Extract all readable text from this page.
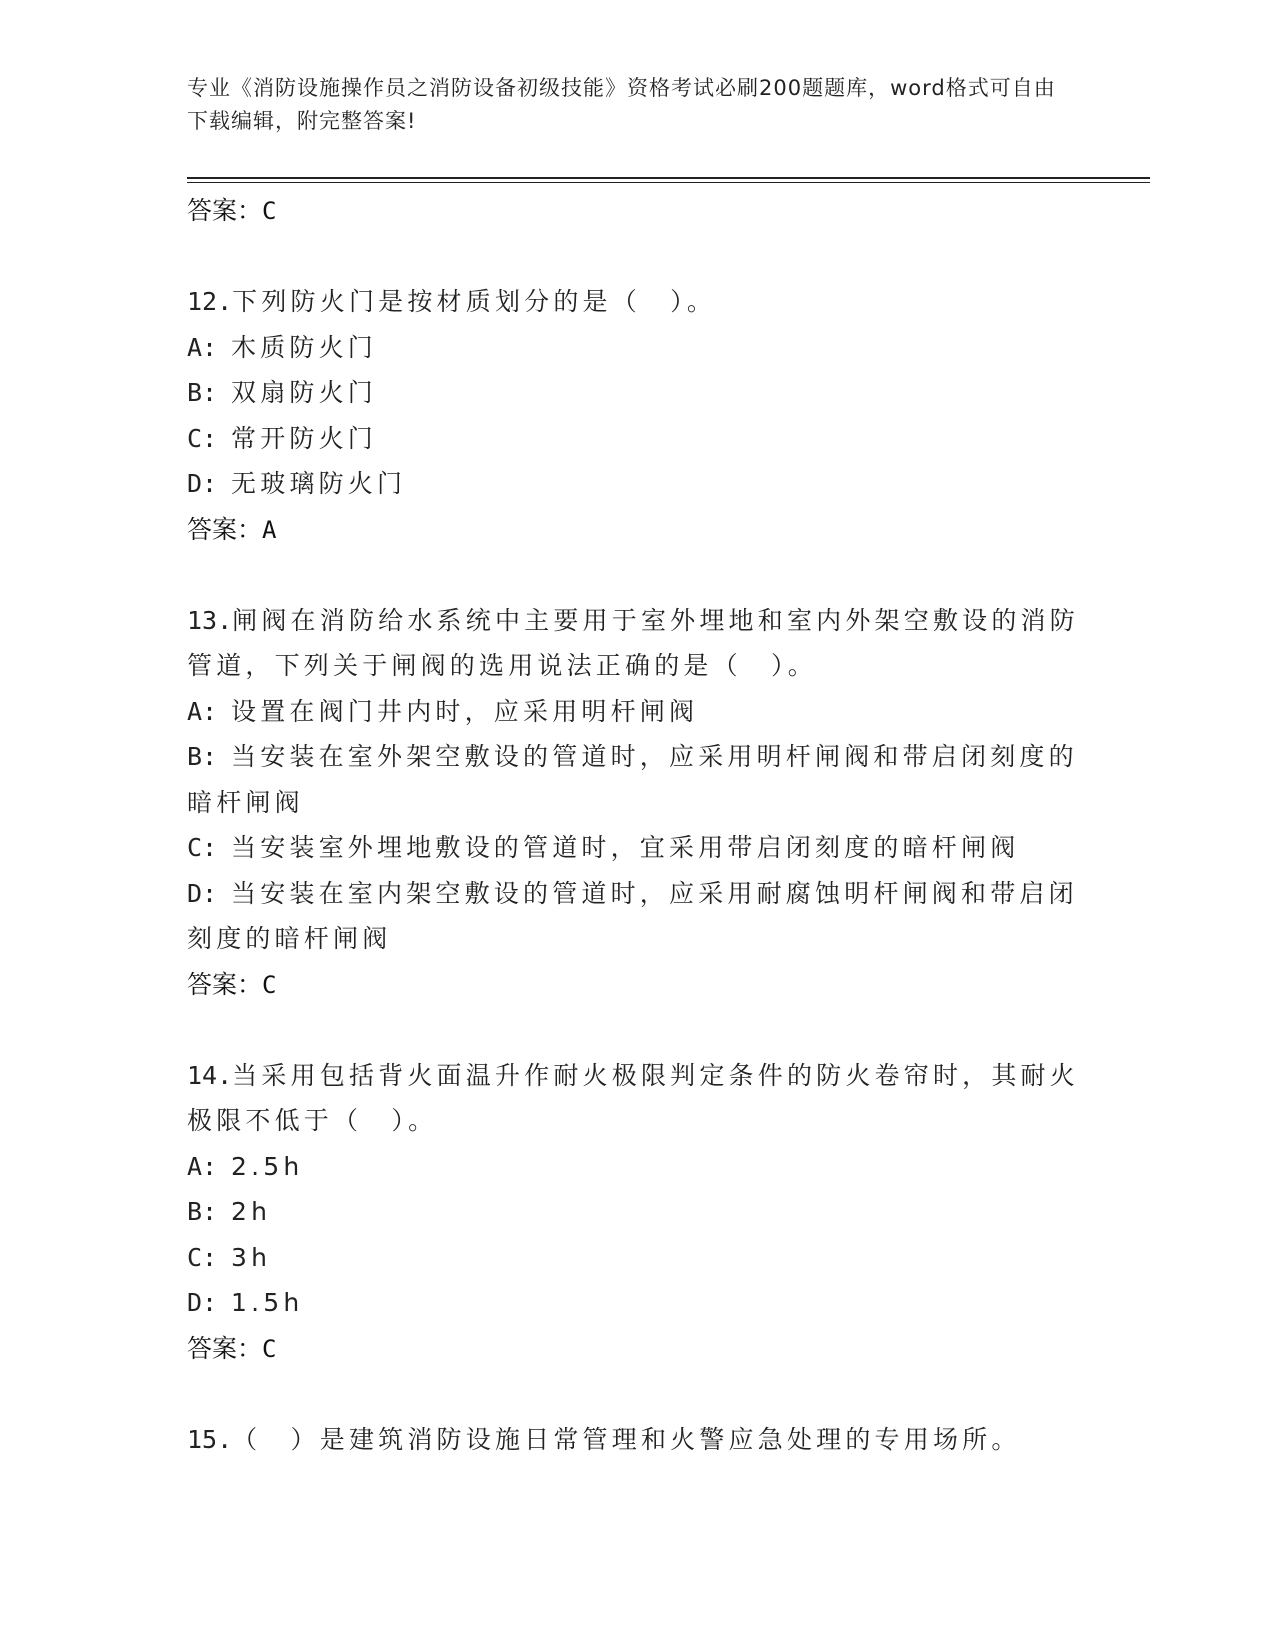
专业《消防设施操作员之消防设备初级技能》资格考试必刷200题题库，word格式可自由下载编辑，附完整答案!
答案：C
12.下列防火门是按材质划分的是（　）。
A: 木质防火门
B: 双扇防火门
C: 常开防火门
D: 无玻璃防火门
答案：A
13.闸阀在消防给水系统中主要用于室外埋地和室内外架空敷设的消防管道，下列关于闸阀的选用说法正确的是（　）。
A: 设置在阀门井内时，应采用明杆闸阀
B: 当安装在室外架空敷设的管道时，应采用明杆闸阀和带启闭刻度的暗杆闸阀
C: 当安装室外埋地敷设的管道时，宜采用带启闭刻度的暗杆闸阀
D: 当安装在室内架空敷设的管道时，应采用耐腐蚀明杆闸阀和带启闭刻度的暗杆闸阀
答案：C
14.当采用包括背火面温升作耐火极限判定条件的防火卷帘时，其耐火极限不低于（　）。
A: 2.5h
B: 2h
C: 3h
D: 1.5h
答案：C
15.（　）是建筑消防设施日常管理和火警应急处理的专用场所。
